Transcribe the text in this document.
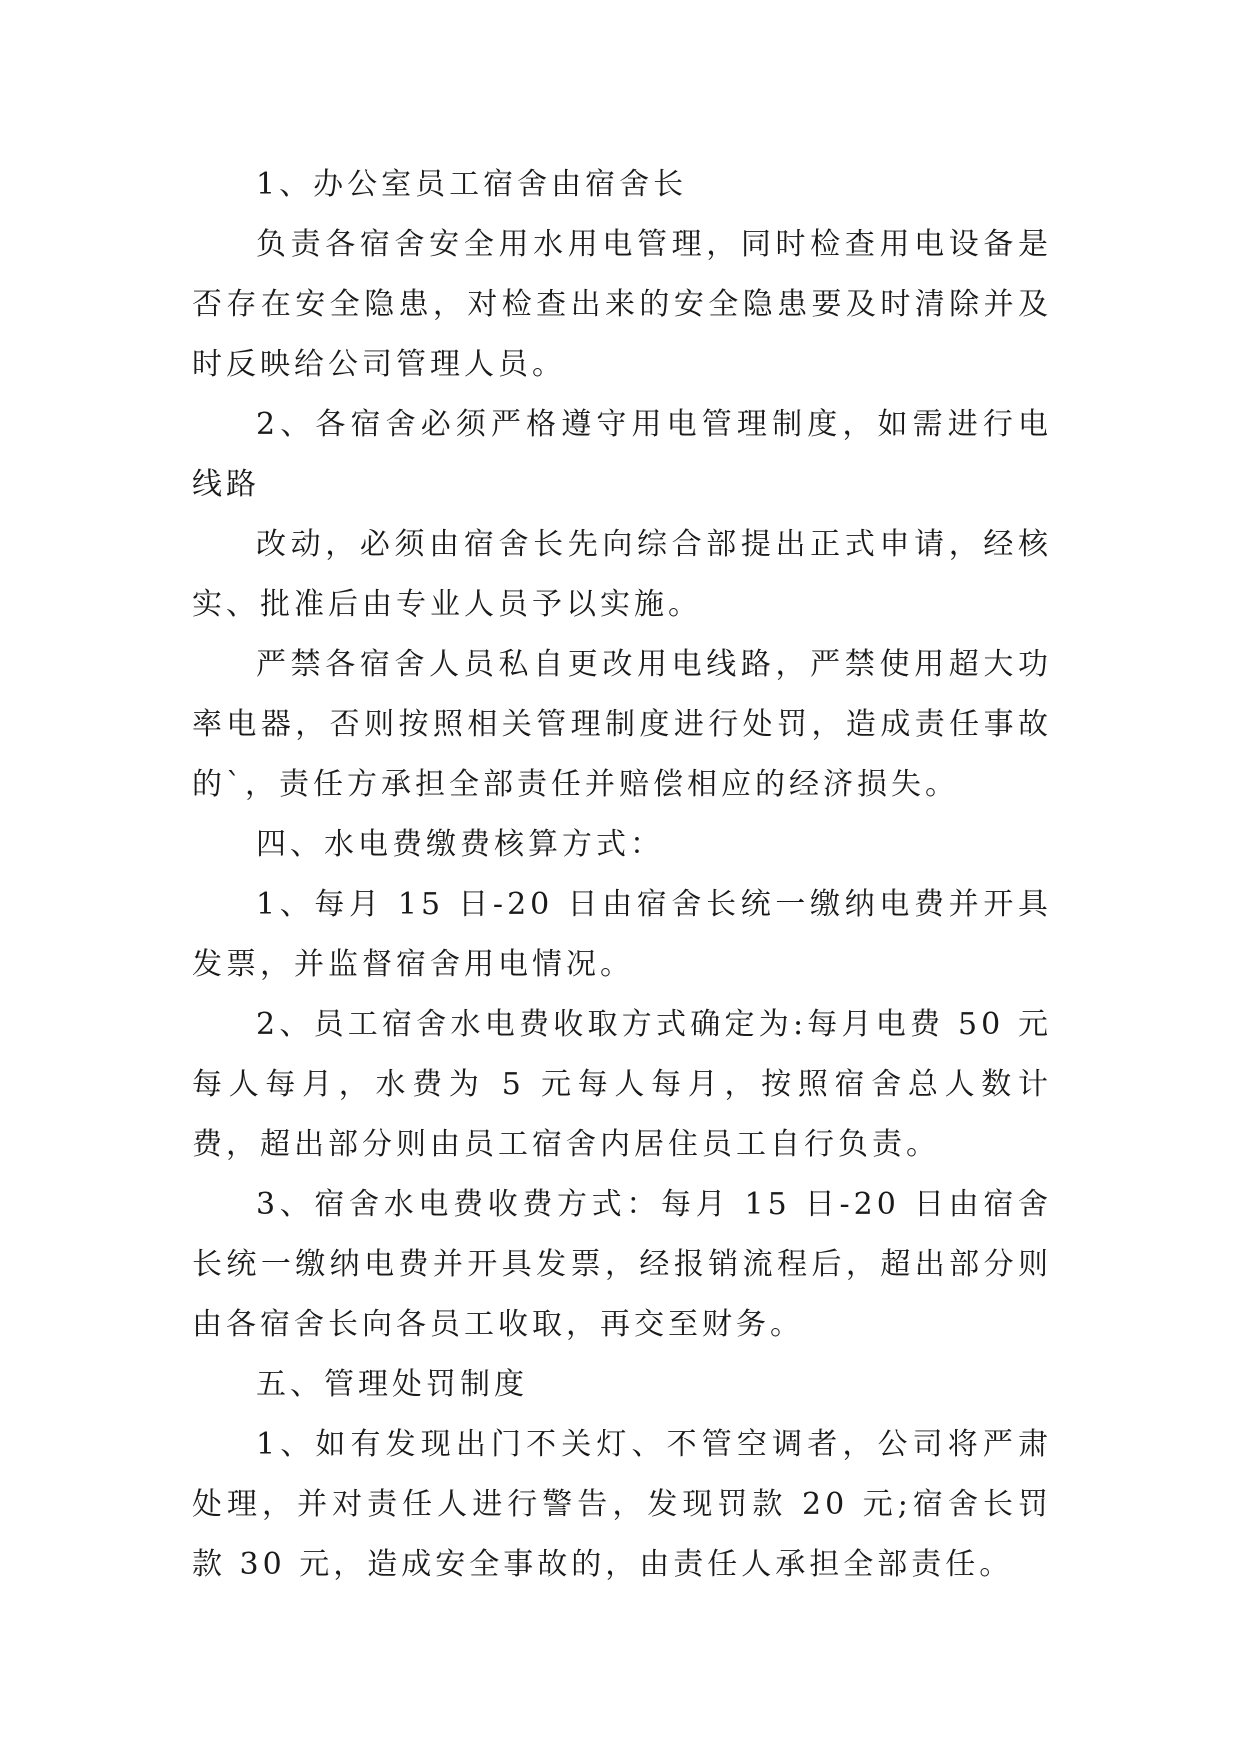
1、办公室员工宿舍由宿舍长

负责各宿舍安全用水用电管理，同时检查用电设备是否存在安全隐患，对检查出来的安全隐患要及时清除并及时反映给公司管理人员。

2、各宿舍必须严格遵守用电管理制度，如需进行电线路

改动，必须由宿舍长先向综合部提出正式申请，经核实、批准后由专业人员予以实施。

严禁各宿舍人员私自更改用电线路，严禁使用超大功率电器，否则按照相关管理制度进行处罚，造成责任事故的`，责任方承担全部责任并赔偿相应的经济损失。

四、水电费缴费核算方式：

1、每月 15 日-20 日由宿舍长统一缴纳电费并开具发票，并监督宿舍用电情况。

2、员工宿舍水电费收取方式确定为:每月电费 50 元每人每月，水费为 5 元每人每月，按照宿舍总人数计费，超出部分则由员工宿舍内居住员工自行负责。

3、宿舍水电费收费方式：每月 15 日-20 日由宿舍长统一缴纳电费并开具发票，经报销流程后，超出部分则由各宿舍长向各员工收取，再交至财务。

五、管理处罚制度

1、如有发现出门不关灯、不管空调者，公司将严肃处理，并对责任人进行警告，发现罚款 20 元;宿舍长罚款 30 元，造成安全事故的，由责任人承担全部责任。
